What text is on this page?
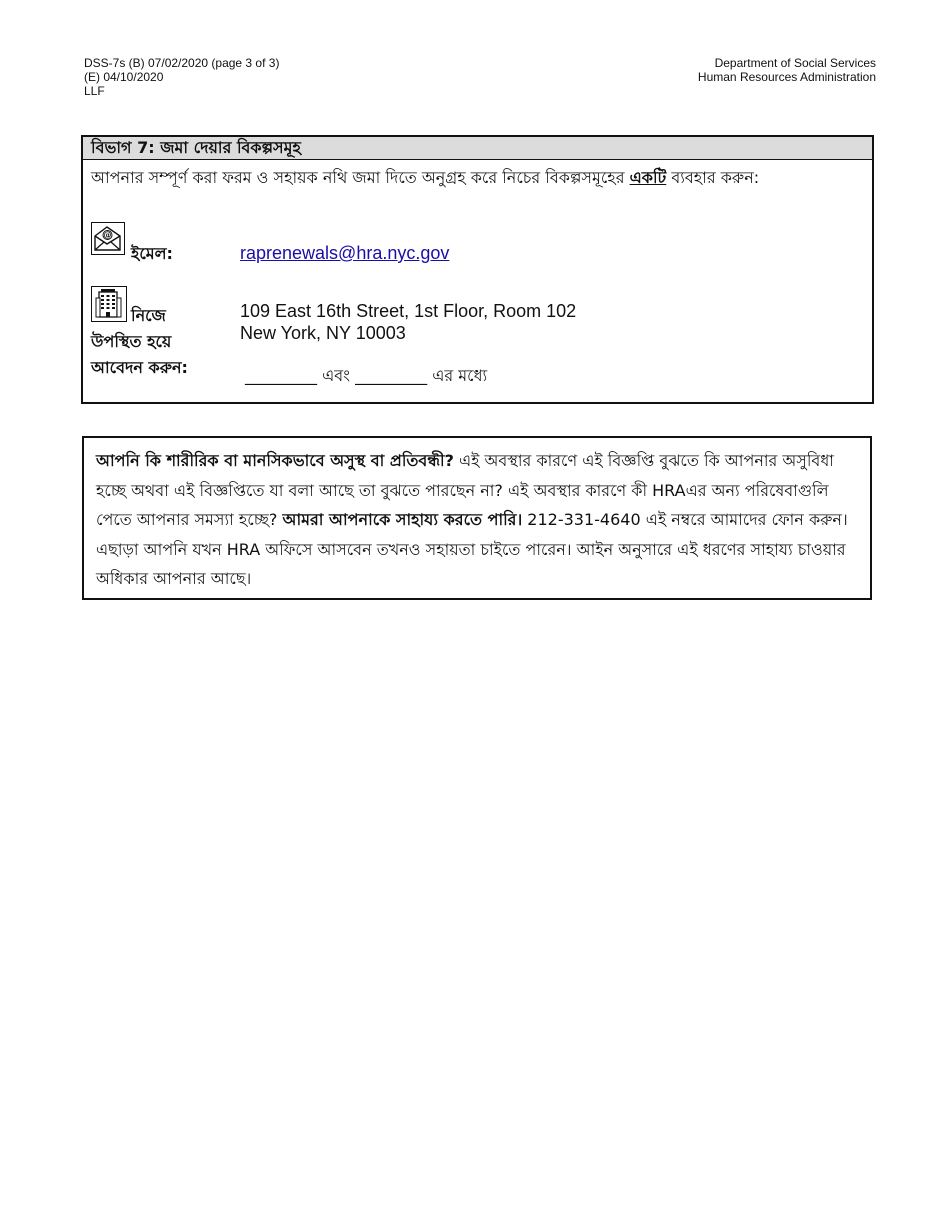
DSS-7s (B) 07/02/2020 (page 3 of 3)
(E) 04/10/2020
LLF
Department of Social Services
Human Resources Administration
বিভাগ 7: জমা দেয়ার বিকল্পসমূহ
আপনার সম্পূর্ণ করা ফরম ও সহায়ক নথি জমা দিতে অনুগ্রহ করে নিচের বিকল্পসমূহের একটি ব্যবহার করুন:
@
ইমেল:	raprenewals@hra.nyc.gov
নিজে
উপস্থিত হয়ে
আবেদন করুন:
109 East 16th Street, 1st Floor, Room 102
New York, NY 10003
_________ এবং _________ এর মধ্যে

আপনি কি শারীরিক বা মানসিকভাবে অসুস্থ বা প্রতিবন্ধী? এই অবস্থার কারণে এই বিজ্ঞপ্তি বুঝতে কি আপনার অসুবিধা হচ্ছে অথবা এই বিজ্ঞপ্তিতে যা বলা আছে তা বুঝতে পারছেন না? এই অবস্থার কারণে কী HRAএর অন্য পরিষেবাগুলি পেতে আপনার সমস্যা হচ্ছে? আমরা আপনাকে সাহায্য করতে পারি। 212-331-4640 এই নম্বরে আমাদের ফোন করুন। এছাড়া আপনি যখন HRA অফিসে আসবেন তখনও সহায়তা চাইতে পারেন। আইন অনুসারে এই ধরণের সাহায্য চাওয়ার অধিকার আপনার আছে।
